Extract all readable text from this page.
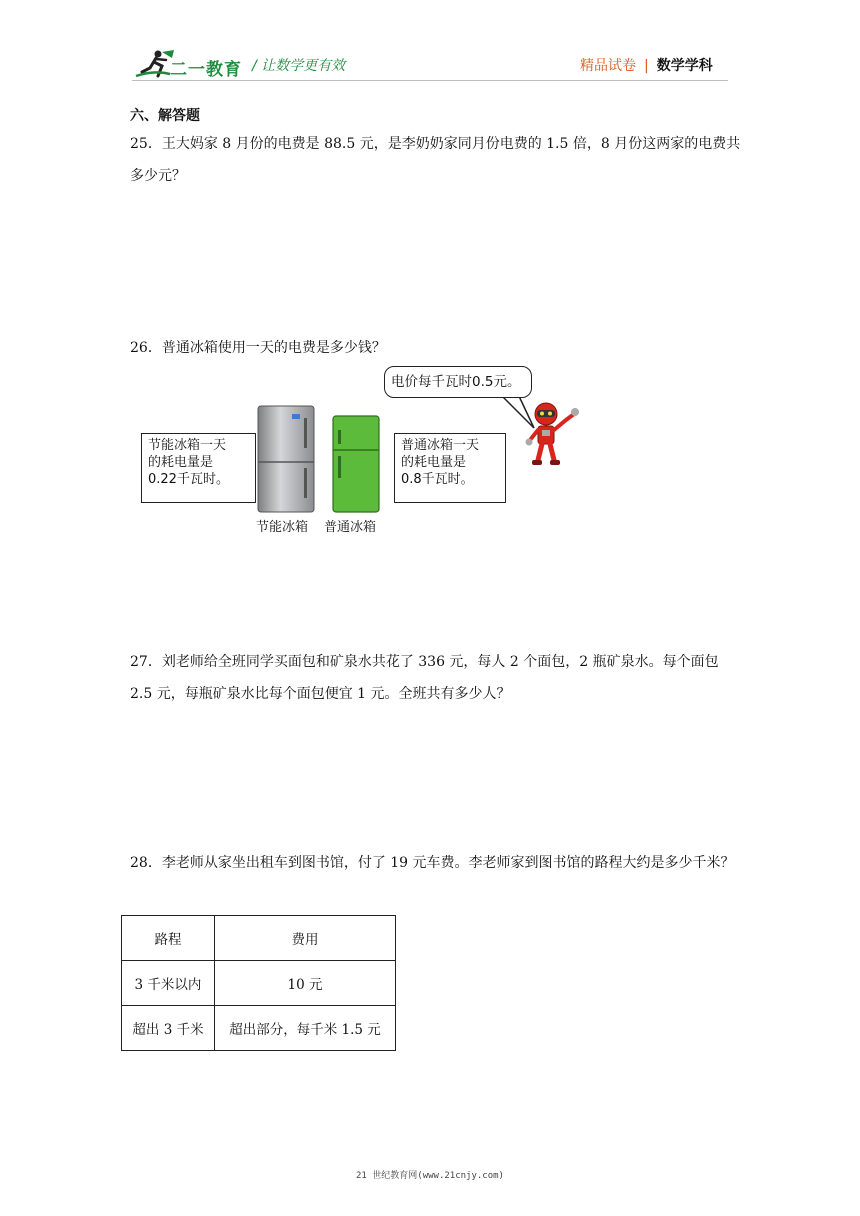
二一教育 / 让数学更有效	精品试卷 | 数学学科
六、解答题
25．王大妈家 8 月份的电费是 88.5 元，是李奶奶家同月份电费的 1.5 倍，8 月份这两家的电费共多少元？
26．普通冰箱使用一天的电费是多少钱？
节能冰箱一天
的耗电量是
0.22千瓦时。
节能冰箱 普通冰箱
普通冰箱一天
的耗电量是
0.8千瓦时。
电价每千瓦时0.5元。
27．刘老师给全班同学买面包和矿泉水共花了 336 元，每人 2 个面包，2 瓶矿泉水。每个面包 2.5 元，每瓶矿泉水比每个面包便宜 1 元。全班共有多少人？
28．李老师从家坐出租车到图书馆，付了 19 元车费。李老师家到图书馆的路程大约是多少千米？
路程	费用
3 千米以内	10 元
超出 3 千米	超出部分，每千米 1.5 元
21 世纪教育网(www.21cnjy.com)
